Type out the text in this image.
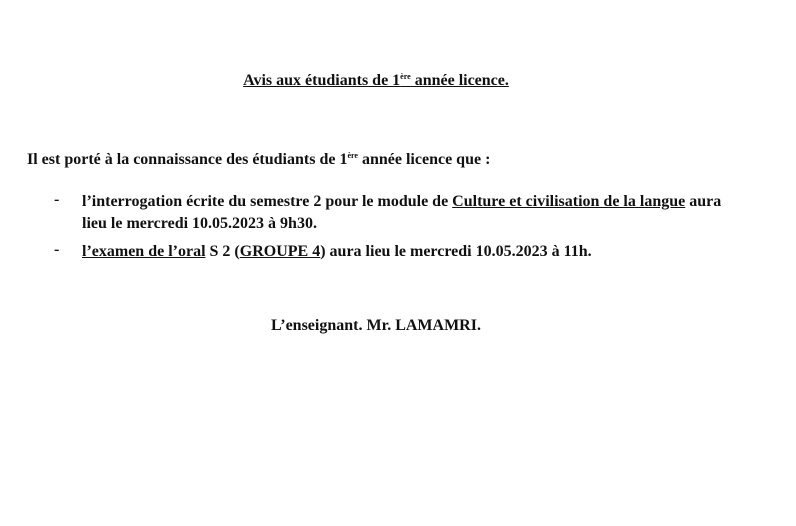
Avis aux étudiants de 1ère année licence.
Il est porté à la connaissance des étudiants de 1ère année licence que :
- l’interrogation écrite du semestre 2 pour le module de Culture et civilisation de la langue aura lieu le mercredi 10.05.2023 à 9h30.
- l’examen de l’oral S 2 (GROUPE 4) aura lieu le mercredi 10.05.2023 à 11h.
L’enseignant. Mr. LAMAMRI.
